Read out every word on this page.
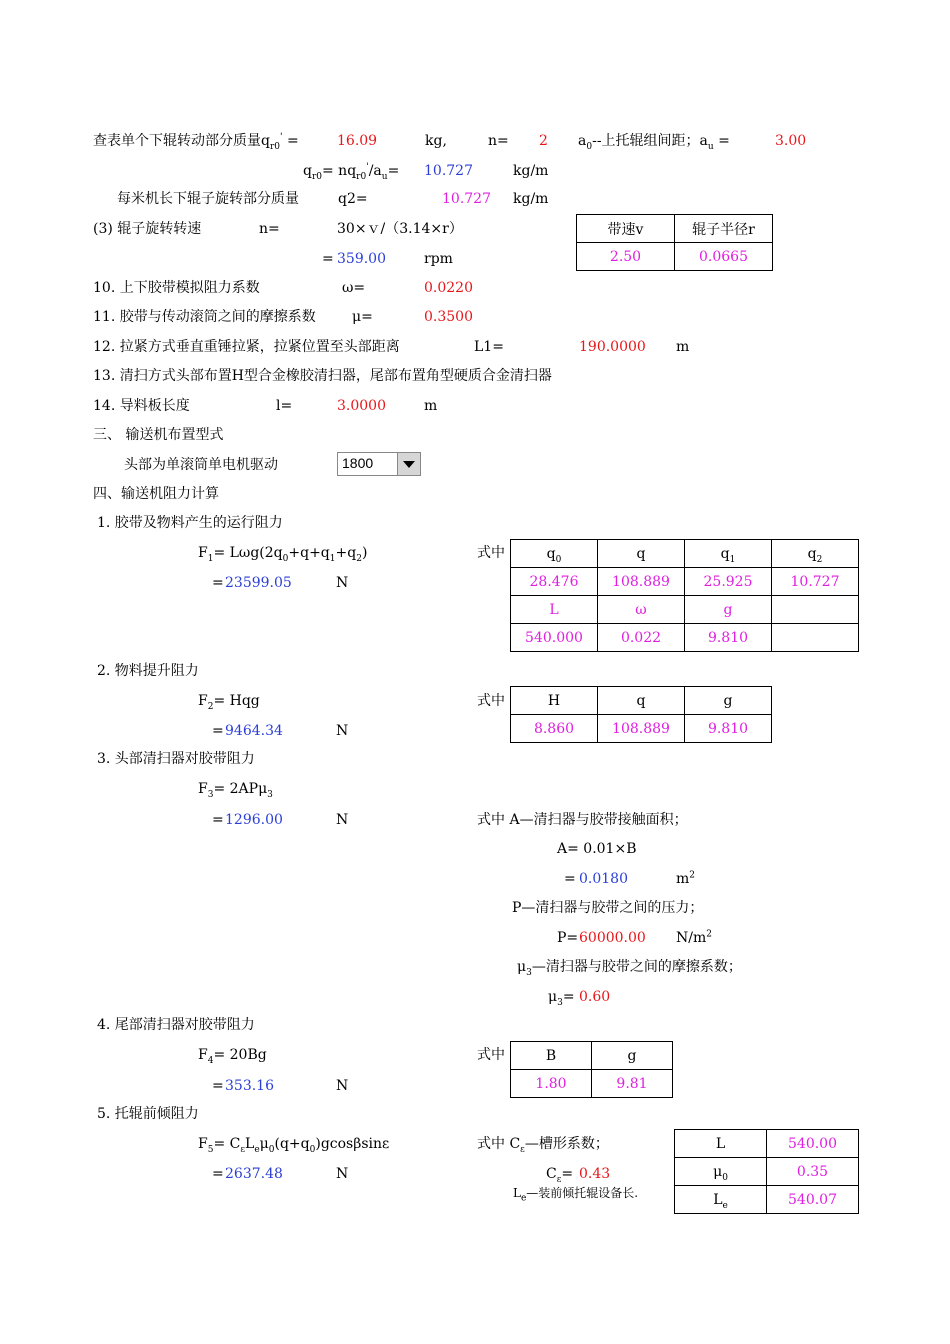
查表单个下辊转动部分质量$q_{r0}'$ =	16.09	kg,	n= 2 $a_0--$上托辊组间距；$a_u$ =	3.00
$q_{r0}= nq_{r0}'/a_u= 10.727$	kg/m
每米机长下辊子旋转部分质量	q2=	10.727 kg/m
(3) 辊子旋转转速	n=	30×ｖ/（3.14×r）
= 359.00	rpm
带速v	辊子半径r
2.50	0.0665
10. 上下胶带模拟阻力系数	ω=	0.0220
11. 胶带与传动滚筒之间的摩擦系数	μ=	0.3500
12. 拉紧方式垂直重锤拉紧，拉紧位置至头部距离	L1=	190.0000 m
13. 清扫方式头部布置H型合金橡胶清扫器，尾部布置角型硬质合金清扫器
14. 导料板长度	l=	3.0000	m
三、 输送机布置型式
头部为单滚筒单电机驱动	1800
四、输送机阻力计算
1. 胶带及物料产生的运行阻力
$F_1= L\omega g(2q_0+q+q_1+q_2)$
= 23599.05	N
式中	$q_0$	q	$q_1$	$q_2$
28.476	108.889	25.925	10.727
L	ω	g	
540.000	0.022	9.810	
2. 物料提升阻力
$F_2=$ Hqg
= 9464.34	N
式中	H	q	g
8.860	108.889	9.810
3. 头部清扫器对胶带阻力
$F_3= 2AP\mu_3$
= 1296.00	N	式中 A—清扫器与胶带接触面积；
A= 0.01×B
= 0.0180	$m^2$
P—清扫器与胶带之间的压力；
P= 60000.00 $N/m^2$
$\mu_3—$清扫器与胶带之间的摩擦系数；
$\mu_3= 0.60$
4. 尾部清扫器对胶带阻力
$F_4= 20Bg$
= 353.16	N
式中	B	g
1.80	9.81
5. 托辊前倾阻力
$F_5= C_\varepsilon L_e\mu_0(q+q_0)gcos\beta\sin\varepsilon$
= 2637.48	N
式中 $C_\varepsilon—$槽形系数；
$C_\varepsilon= 0.43$
$L_e—$装前倾托辊设备长.
L	540.00
$\mu_0$	0.35
$L_e$	540.07
